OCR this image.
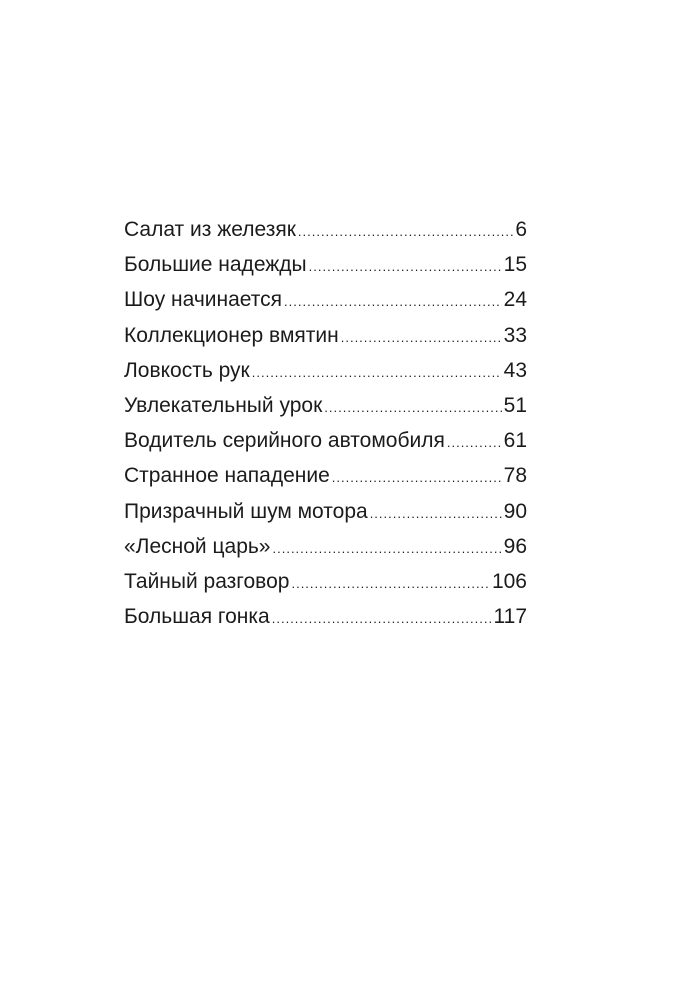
Салат из железяк .....	6
Большие надежды .....	15
Шоу начинается .....	24
Коллекционер вмятин .....	33
Ловкость рук .....	43
Увлекательный урок .....	51
Водитель серийного автомобиля .....	61
Странное нападение .....	78
Призрачный шум мотора .....	90
«Лесной царь» .....	96
Тайный разговор .....	106
Большая гонка .....	117
